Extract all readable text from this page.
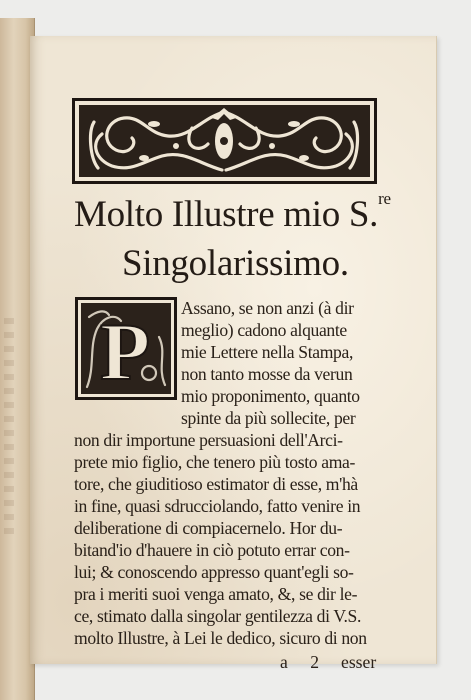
Molto Illustre mio S.$^{re}$
Singolarissimo.
P Assano, se non anzi (à dir
meglio) cadono alquante
mie Lettere nella Stampa,
non tanto mosse da verun
mio proponimento, quanto
spinte da più sollecite, per
non dir importune persuasioni dell'Arci-
prete mio figlio, che tenero più tosto ama-
tore, che giuditioso estimator di esse, m'hà
in fine, quasi sdrucciolando, fatto venire in
deliberatione di compiacernelo. Hor du-
bitand'io d'hauere in ciò potuto errar con-
lui; & conoscendo appresso quant'egli so-
pra i meriti suoi venga amato, &, se dir le-
ce, stimato dalla singolar gentilezza di V.S.
molto Illustre, à Lei le dedico, sicuro di non
a 2 esser
